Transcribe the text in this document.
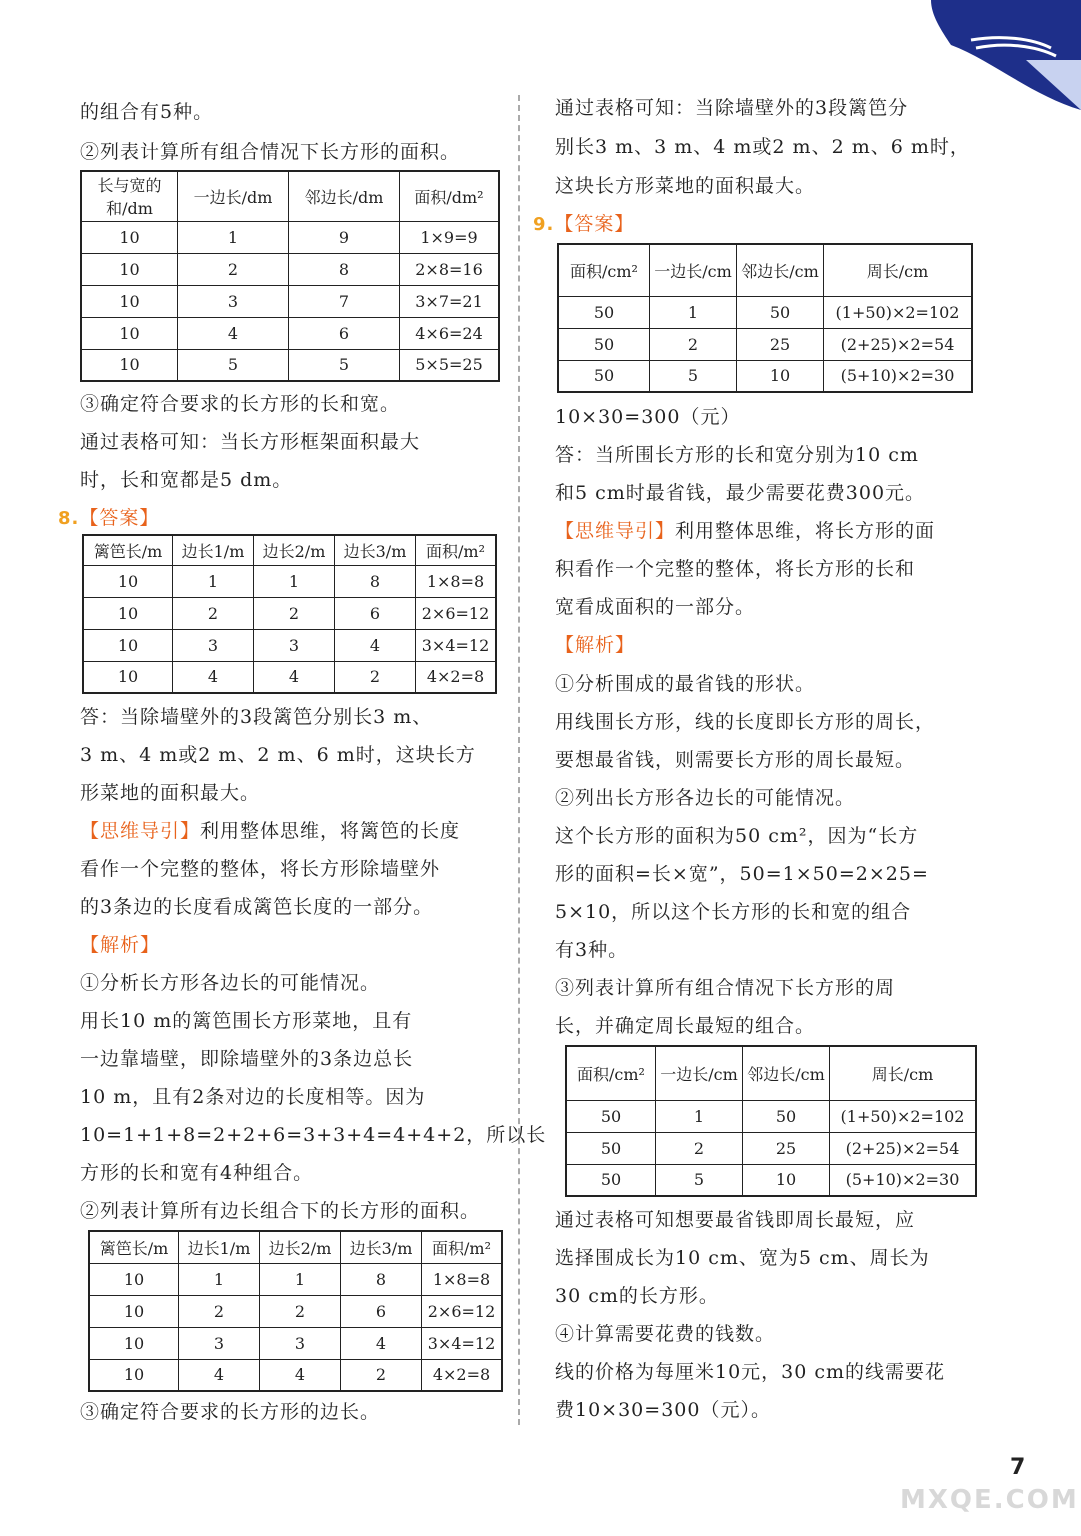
的组合有5种。
②列表计算所有组合情况下长方形的面积。
长与宽的和/dm	一边长/dm	邻边长/dm	面积/dm²
10	1	9	1×9=9
10	2	8	2×8=16
10	3	7	3×7=21
10	4	6	4×6=24
10	5	5	5×5=25
③确定符合要求的长方形的长和宽。
通过表格可知：当长方形框架面积最大
时，长和宽都是5 dm。
8.【答案】
篱笆长/m	边长1/m	边长2/m	边长3/m	面积/m²
10	1	1	8	1×8=8
10	2	2	6	2×6=12
10	3	3	4	3×4=12
10	4	4	2	4×2=8
答：当除墙壁外的3段篱笆分别长3 m、
3 m、4 m或2 m、2 m、6 m时，这块长方
形菜地的面积最大。
【思维导引】利用整体思维，将篱笆的长度
看作一个完整的整体，将长方形除墙壁外
的3条边的长度看成篱笆长度的一部分。
【解析】
①分析长方形各边长的可能情况。
用长10 m的篱笆围长方形菜地，且有
一边靠墙壁，即除墙壁外的3条边总长
10 m，且有2条对边的长度相等。因为
10=1+1+8=2+2+6=3+3+4=4+4+2，所以长
方形的长和宽有4种组合。
②列表计算所有边长组合下的长方形的面积。
篱笆长/m	边长1/m	边长2/m	边长3/m	面积/m²
10	1	1	8	1×8=8
10	2	2	6	2×6=12
10	3	3	4	3×4=12
10	4	4	2	4×2=8
③确定符合要求的长方形的边长。
通过表格可知：当除墙壁外的3段篱笆分
别长3 m、3 m、4 m或2 m、2 m、6 m时，
这块长方形菜地的面积最大。
9.【答案】
面积/cm²	一边长/cm	邻边长/cm	周长/cm
50	1	50	(1+50)×2=102
50	2	25	(2+25)×2=54
50	5	10	(5+10)×2=30
10×30=300（元）
答：当所围长方形的长和宽分别为10 cm
和5 cm时最省钱，最少需要花费300元。
【思维导引】利用整体思维，将长方形的面
积看作一个完整的整体，将长方形的长和
宽看成面积的一部分。
【解析】
①分析围成的最省钱的形状。
用线围长方形，线的长度即长方形的周长，
要想最省钱，则需要长方形的周长最短。
②列出长方形各边长的可能情况。
这个长方形的面积为50 cm²，因为“长方
形的面积=长×宽”，50=1×50=2×25=
5×10，所以这个长方形的长和宽的组合
有3种。
③列表计算所有组合情况下长方形的周
长，并确定周长最短的组合。
面积/cm²	一边长/cm	邻边长/cm	周长/cm
50	1	50	(1+50)×2=102
50	2	25	(2+25)×2=54
50	5	10	(5+10)×2=30
通过表格可知想要最省钱即周长最短，应
选择围成长为10 cm、宽为5 cm、周长为
30 cm的长方形。
④计算需要花费的钱数。
线的价格为每厘米10元，30 cm的线需要花
费10×30=300（元）。
7
MXQE.COM
